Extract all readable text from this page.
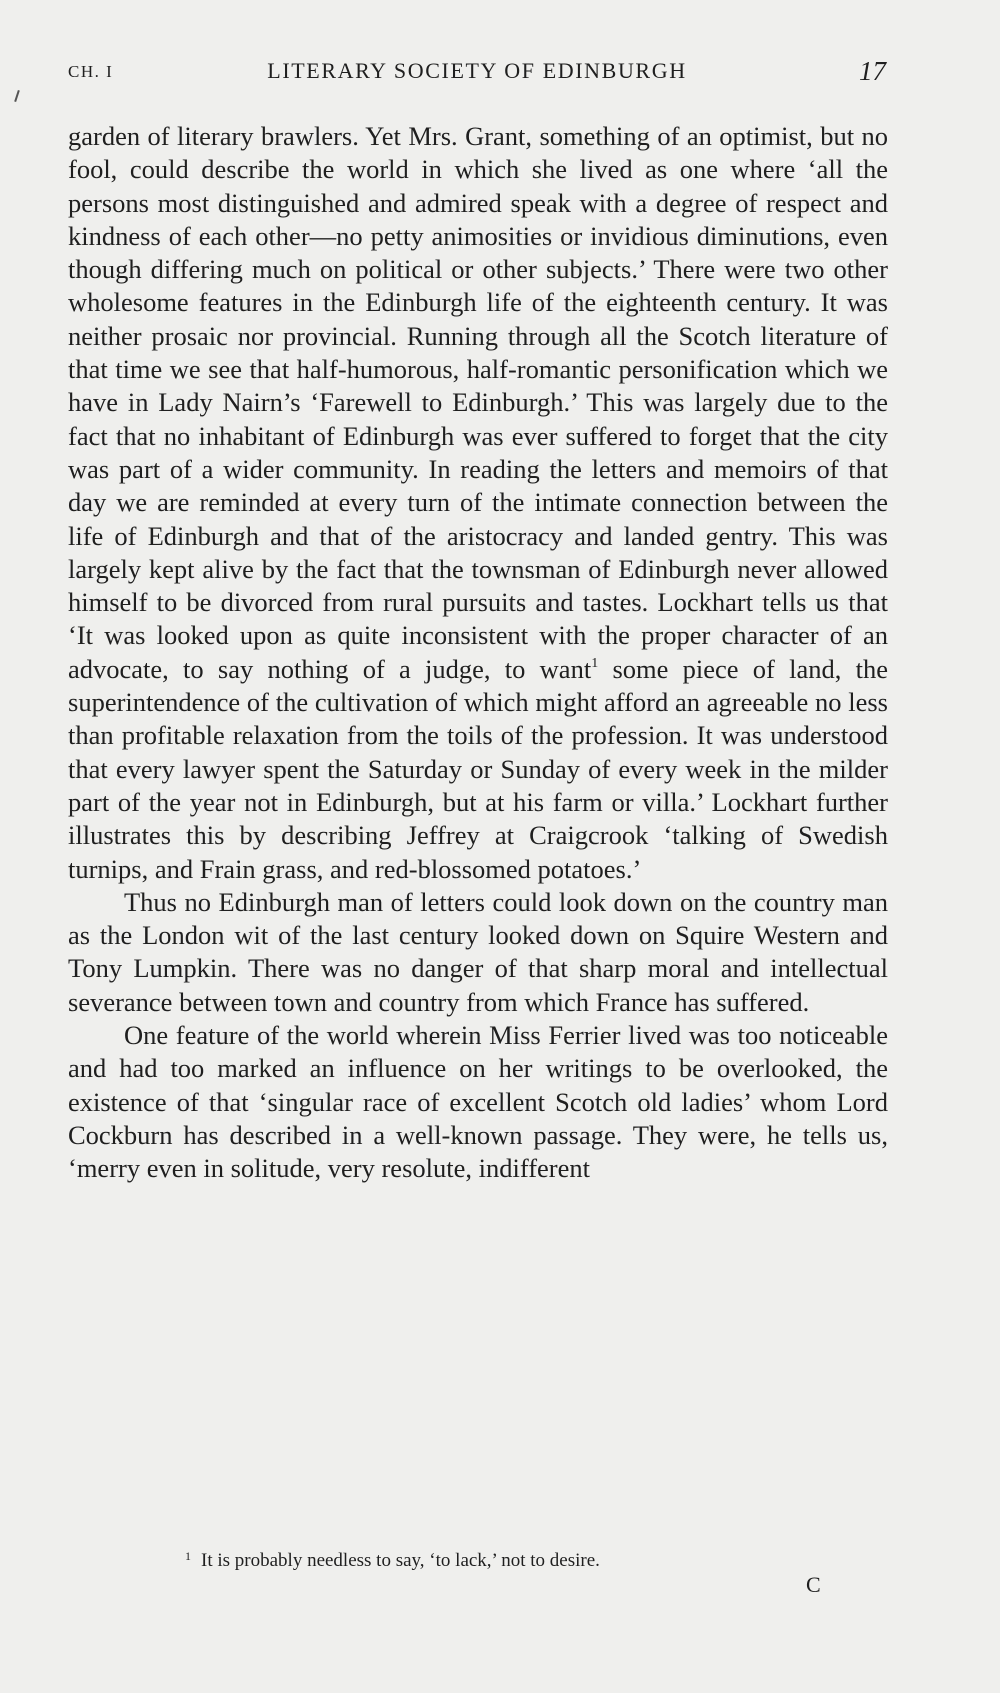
CH. I	LITERARY SOCIETY OF EDINBURGH	17

garden of literary brawlers. Yet Mrs. Grant, something of an optimist, but no fool, could describe the world in which she lived as one where ‘all the persons most distinguished and admired speak with a degree of respect and kindness of each other—no petty animosities or invidious diminutions, even though differing much on political or other subjects.’ There were two other wholesome features in the Edinburgh life of the eighteenth century. It was neither prosaic nor provincial. Running through all the Scotch literature of that time we see that half-humorous, half-romantic personification which we have in Lady Nairn’s ‘Farewell to Edinburgh.’ This was largely due to the fact that no inhabitant of Edinburgh was ever suffered to forget that the city was part of a wider community. In reading the letters and memoirs of that day we are reminded at every turn of the intimate connection between the life of Edinburgh and that of the aristocracy and landed gentry. This was largely kept alive by the fact that the townsman of Edinburgh never allowed himself to be divorced from rural pursuits and tastes. Lockhart tells us that ‘It was looked upon as quite inconsistent with the proper character of an advocate, to say nothing of a judge, to want$^1$ some piece of land, the superintendence of the cultivation of which might afford an agreeable no less than profitable relaxation from the toils of the profession. It was understood that every lawyer spent the Saturday or Sunday of every week in the milder part of the year not in Edinburgh, but at his farm or villa.’ Lockhart further illustrates this by describing Jeffrey at Craigcrook ‘talking of Swedish turnips, and Frain grass, and red-blossomed potatoes.’

Thus no Edinburgh man of letters could look down on the country man as the London wit of the last century looked down on Squire Western and Tony Lumpkin. There was no danger of that sharp moral and intellectual severance between town and country from which France has suffered.

One feature of the world wherein Miss Ferrier lived was too noticeable and had too marked an influence on her writings to be overlooked, the existence of that ‘singular race of excellent Scotch old ladies’ whom Lord Cockburn has described in a well-known passage. They were, he tells us, ‘merry even in solitude, very resolute, indifferent

$^1$ It is probably needless to say, ‘to lack,’ not to desire.
C
